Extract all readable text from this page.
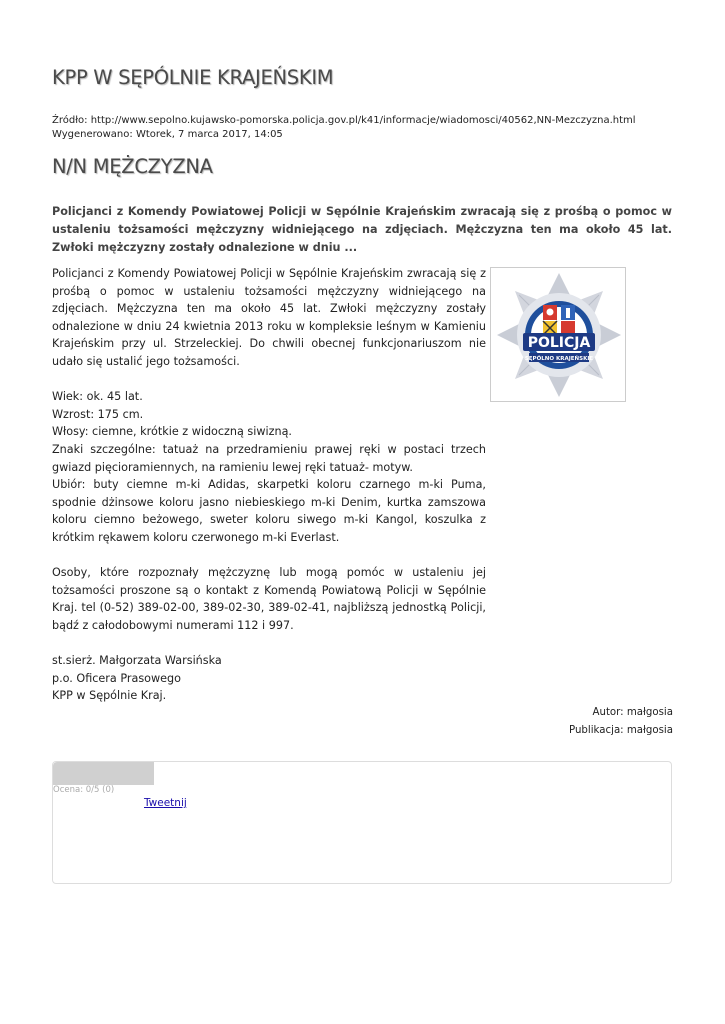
KPP W SĘPÓLNIE KRAJEŃSKIM
Źródło: http://www.sepolno.kujawsko-pomorska.policja.gov.pl/k41/informacje/wiadomosci/40562,NN-Mezczyzna.html
Wygenerowano: Wtorek, 7 marca 2017, 14:05
N/N MĘŻCZYZNA

Policjanci z Komendy Powiatowej Policji w Sępólnie Krajeńskim zwracają się z prośbą o pomoc w ustaleniu tożsamości mężczyzny widniejącego na zdjęciach. Mężczyzna ten ma około 45 lat. Zwłoki mężczyzny zostały odnalezione w dniu ...

POLICJA
SĘPÓLNO KRAJEŃSKIE

Policjanci z Komendy Powiatowej Policji w Sępólnie Krajeńskim zwracają się z prośbą o pomoc w ustaleniu tożsamości mężczyzny widniejącego na zdjęciach. Mężczyzna ten ma około 45 lat. Zwłoki mężczyzny zostały odnalezione w dniu 24 kwietnia 2013 roku w kompleksie leśnym w Kamieniu Krajeńskim przy ul. Strzeleckiej. Do chwili obecnej funkcjonariuszom nie udało się ustalić jego tożsamości.

Wiek: ok. 45 lat.
Wzrost: 175 cm.
Włosy: ciemne, krótkie z widoczną siwizną.

Znaki szczególne: tatuaż na przedramieniu prawej ręki w postaci trzech gwiazd pięcioramiennych, na ramieniu lewej ręki tatuaż- motyw.

Ubiór: buty ciemne m-ki Adidas, skarpetki koloru czarnego m-ki Puma, spodnie dżinsowe koloru jasno niebieskiego m-ki Denim, kurtka zamszowa koloru ciemno beżowego, sweter koloru siwego m-ki Kangol, koszulka z krótkim rękawem koloru czerwonego m-ki Everlast.

Osoby, które rozpoznały mężczyznę lub mogą pomóc w ustaleniu jej tożsamości proszone są o kontakt z Komendą Powiatową Policji w Sępólnie Kraj. tel (0-52) 389-02-00, 389-02-30, 389-02-41, najbliższą jednostką Policji, bądź z całodobowymi numerami 112 i 997.

st.sierż. Małgorzata Warsińska
p.o. Oficera Prasowego
KPP w Sępólnie Kraj.
Autor: małgosia
Publikacja: małgosia
Ocena: 0/5 (0)
Tweetnij
